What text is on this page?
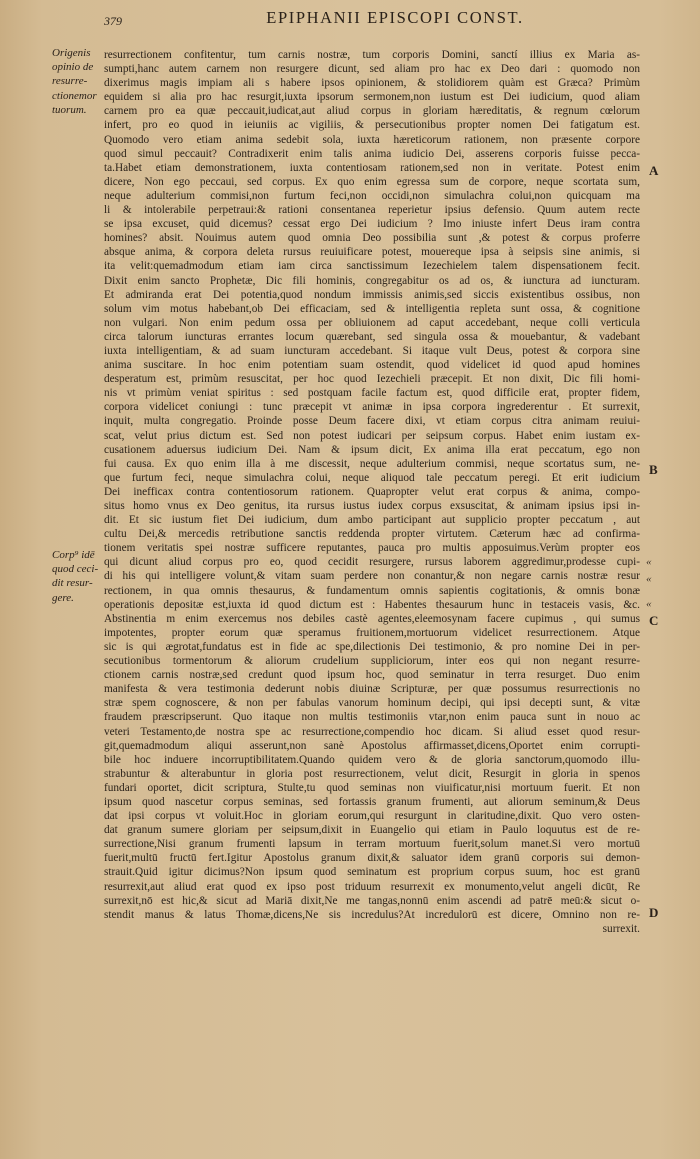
379	EPIPHANII EPISCOPI CONST.
Origenis
opinio de
resurre-
ctionemor
tuorum.
Corp⁹ idē
quod ceci-
dit resur-
gere.
A
B
«
«
«
C
D
resurrectionem confitentur, tum carnis nostræ, tum corporis Domini, sanctí illius ex Maria as-
sumpti,hanc autem carnem non resurgere dicunt, sed aliam pro hac ex Deo dari : quomodo non
dixerimus magis impiam ali s habere ipsos opinionem, & stolidiorem quàm est Græca? Primùm
equidem si alia pro hac resurgit,iuxta ipsorum sermonem,non iustum est Dei iudicium, quod aliam
carnem pro ea quæ peccauit,iudicat,aut aliud corpus in gloriam hæreditatis, & regnum cœlorum
infert, pro eo quod in ieiuniis ac vigiliis, & persecutionibus propter nomen Dei fatigatum est.
Quomodo vero etiam anima sedebit sola, iuxta hæreticorum rationem, non præsente corpore
quod simul peccauit? Contradixerit enim talis anima iudicio Dei, asserens corporis fuisse pecca-
ta.Habet etiam demonstrationem, iuxta contentiosam rationem,sed non in veritate. Potest enim
dicere, Non ego peccaui, sed corpus. Ex quo enim egressa sum de corpore, neque scortata sum,
neque adulterium commisi,non furtum feci,non occidi,non simulachra colui,non quicquam ma
li & intolerabile perpetraui:& rationi consentanea reperietur ipsius defensio. Quum autem recte
se ipsa excuset, quid dicemus? cessat ergo Dei iudicium ? Imo iniuste infert Deus iram contra
homines? absit. Nouimus autem quod omnia Deo possibilia sunt ,& potest & corpus proferre
absque anima, & corpora deleta rursus reuiuificare potest, mouereque ipsa à seipsis sine animis, si
ita velit:quemadmodum etiam iam circa sanctissimum Iezechielem talem dispensationem fecit.
Dixit enim sancto Prophetæ, Dic fili hominis, congregabitur os ad os, & iunctura ad iuncturam.
Et admiranda erat Dei potentia,quod nondum immissis animis,sed siccis existentibus ossibus, non
solum vim motus habebant,ob Dei efficaciam, sed & intelligentia repleta sunt ossa, & cognitione
non vulgari. Non enim pedum ossa per obliuionem ad caput accedebant, neque colli verticula
circa talorum iuncturas errantes locum quærebant, sed singula ossa & mouebantur, & vadebant
iuxta intelligentiam, & ad suam iuncturam accedebant. Si itaque vult Deus, potest & corpora sine
anima suscitare. In hoc enim potentiam suam ostendit, quod videlicet id quod apud homines
desperatum est, primùm resuscitat, per hoc quod Iezechieli præcepit. Et non dixit, Dic fili homi-
nis vt primùm veniat spiritus : sed postquam facile factum est, quod difficile erat, propter fidem,
corpora videlicet coniungi : tunc præcepit vt animæ in ipsa corpora ingrederentur . Et surrexit,
inquit, multa congregatio. Proinde posse Deum facere dixi, vt etiam corpus citra animam reuiui-
scat, velut prius dictum est. Sed non potest iudicari per seipsum corpus. Habet enim iustam ex-
cusationem aduersus iudicium Dei. Nam & ipsum dicit, Ex anima illa erat peccatum, ego non
fui causa. Ex quo enim illa à me discessit, neque adulterium commisi, neque scortatus sum, ne-
que furtum feci, neque simulachra colui, neque aliquod tale peccatum peregi. Et erit iudicium
Dei inefficax contra contentiosorum rationem. Quapropter velut erat corpus & anima, compo-
situs homo vnus ex Deo genitus, ita rursus iustus iudex corpus exsuscitat, & animam ipsius ipsi in-
dit. Et sic iustum fiet Dei iudicium, dum ambo participant aut supplicio propter peccatum , aut
cultu Dei,& mercedis retributione sanctis reddenda propter virtutem. Cæterum hæc ad confirma-
tionem veritatis spei nostræ sufficere reputantes, pauca pro multis apposuimus.Verùm propter eos
qui dicunt aliud corpus pro eo, quod cecidit resurgere, rursus laborem aggredimur,prodesse cupi-
di his qui intelligere volunt,& vitam suam perdere non conantur,& non negare carnis nostræ resur
rectionem, in qua omnis thesaurus, & fundamentum omnis sapientis cogitationis, & omnis bonæ
operationis depositæ est,iuxta id quod dictum est : Habentes thesaurum hunc in testaceis vasis, &c.
Abstinentia m enim exercemus nos debiles castè agentes,eleemosynam facere cupimus , qui sumus
impotentes, propter eorum quæ speramus fruitionem,mortuorum videlicet resurrectionem. Atque
sic is qui ægrotat,fundatus est in fide ac spe,dilectionis Dei testimonio, & pro nomine Dei in per-
secutionibus tormentorum & aliorum crudelium suppliciorum, inter eos qui non negant resurre-
ctionem carnis nostræ,sed credunt quod ipsum hoc, quod seminatur in terra resurget. Duo enim
manifesta & vera testimonia dederunt nobis diuinæ Scripturæ, per quæ possumus resurrectionis no
stræ spem cognoscere, & non per fabulas vanorum hominum decipi, qui ipsi decepti sunt, & vitæ
fraudem præscripserunt. Quo itaque non multis testimoniis vtar,non enim pauca sunt in nouo ac
veteri Testamento,de nostra spe ac resurrectione,compendio hoc dicam. Si aliud esset quod resur-
git,quemadmodum aliqui asserunt,non sanè Apostolus affirmasset,dicens,Oportet enim corrupti-
bile hoc induere incorruptibilitatem.Quando quidem vero & de gloria sanctorum,quomodo illu-
strabuntur & alterabuntur in gloria post resurrectionem, velut dicit, Resurgit in gloria in spenos
fundari oportet, dicit scriptura, Stulte,tu quod seminas non viuificatur,nisi mortuum fuerit. Et non
ipsum quod nascetur corpus seminas, sed fortassis granum frumenti, aut aliorum seminum,& Deus
dat ipsi corpus vt voluit.Hoc in gloriam eorum,qui resurgunt in claritudine,dixit. Quo vero osten-
dat granum sumere gloriam per seipsum,dixit in Euangelio qui etiam in Paulo loquutus est de re-
surrectione,Nisi granum frumenti lapsum in terram mortuum fuerit,solum manet.Si vero mortuū
fuerit,multū fructū fert.Igitur Apostolus granum dixit,& saluator idem granū corporis sui demon-
strauit.Quid igitur dicimus?Non ipsum quod seminatum est proprium corpus suum, hoc est granū
resurrexit,aut aliud erat quod ex ipso post triduum resurrexit ex monumento,velut angeli dicūt, Re
surrexit,nō est hic,& sicut ad Mariā dixit,Ne me tangas,nonnū enim ascendi ad patrē meū:& sicut o-
stendit manus & latus Thomæ,dicens,Ne sis incredulus?At incredulorū est dicere, Omnino non re-
surrexit.
